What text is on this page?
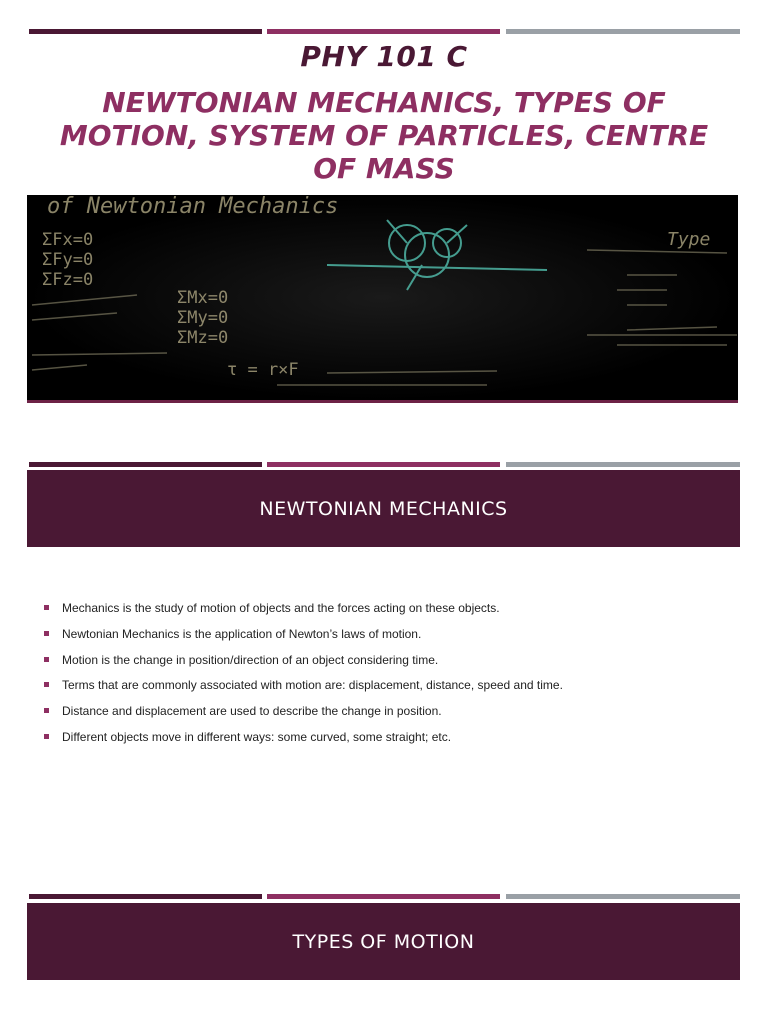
PHY 101 C
NEWTONIAN MECHANICS, TYPES OF
MOTION, SYSTEM OF PARTICLES, CENTRE
OF MASS
of Newtonian Mechanics
Type
ΣFx=0
ΣFy=0
ΣFz=0
ΣMx=0
ΣMy=0
ΣMz=0
τ = r×F
NEWTONIAN MECHANICS
Mechanics is the study of motion of objects and the forces acting on these objects.
Newtonian Mechanics is the application of Newton’s laws of motion.
Motion is the change in position/direction of an object considering time.
Terms that are commonly associated with motion are: displacement, distance, speed and time.
Distance and displacement are used to describe the change in position.
Different objects move in different ways: some curved, some straight; etc.
TYPES OF MOTION
